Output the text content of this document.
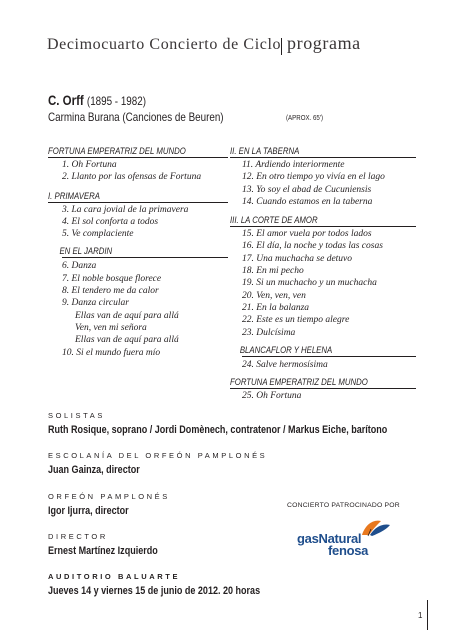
Decimocuarto Concierto de Ciclo programa
C. Orff (1895 - 1982)
Carmina Burana (Canciones de Beuren)	(APROX. 65')
FORTUNA EMPERATRIZ DEL MUNDO
1. Oh Fortuna
2. Llanto por las ofensas de Fortuna
I. PRIMAVERA
3. La cara jovial de la primavera
4. El sol conforta a todos
5. Ve complaciente
EN EL JARDIN
6. Danza
7. El noble bosque florece
8. El tendero me da calor
9. Danza circular
Ellas van de aquí para allá
Ven, ven mi señora
Ellas van de aquí para allá
10. Si el mundo fuera mío
II. EN LA TABERNA
11. Ardiendo interiormente
12. En otro tiempo yo vivía en el lago
13. Yo soy el abad de Cucuniensis
14. Cuando estamos en la taberna
III. LA CORTE DE AMOR
15. El amor vuela por todos lados
16. El día, la noche y todas las cosas
17. Una muchacha se detuvo
18. En mi pecho
19. Si un muchacho y un muchacha
20. Ven, ven, ven
21. En la balanza
22. Este es un tiempo alegre
23. Dulcísima
BLANCAFLOR Y HELENA
24. Salve hermosísima
FORTUNA EMPERATRIZ DEL MUNDO
25. Oh Fortuna
SOLISTAS
Ruth Rosique, soprano / Jordi Domènech, contratenor / Markus Eiche, barítono
ESCOLANÍA DEL ORFEÓN PAMPLONÉS
Juan Gainza, director
ORFEÓN PAMPLONÉS
Igor Ijurra, director
DIRECTOR
Ernest Martínez Izquierdo
AUDITORIO BALUARTE
Jueves 14 y viernes 15 de junio de 2012. 20 horas
CONCIERTO PATROCINADO POR
gasNatural
fenosa
1
